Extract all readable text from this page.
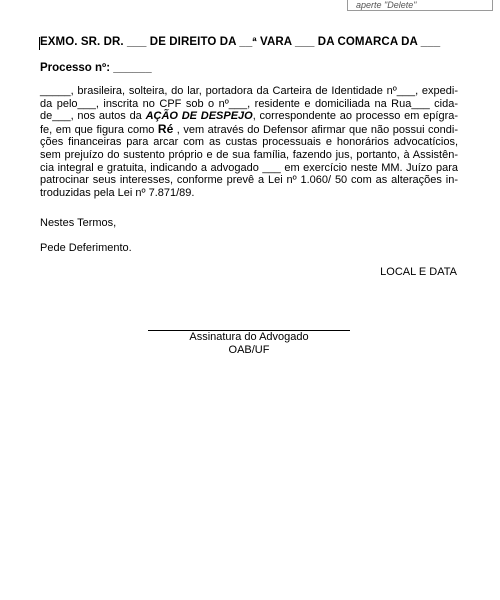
aperte "Delete"
EXMO. SR. DR. ___ DE DIREITO DA __ª VARA ___ DA COMARCA DA ___
Processo nº: ______
_____, brasileira, solteira, do lar, portadora da Carteira de Identidade nº___, expedi-
da pelo___, inscrita no CPF sob o nº___, residente e domiciliada na Rua___ cida-
de___, nos autos da AÇÃO DE DESPEJO, correspondente ao processo em epígra-
fe, em que figura como Ré , vem através do Defensor afirmar que não possui condi-
ções financeiras para arcar com as custas processuais e honorários advocatícios,
sem prejuízo do sustento próprio e de sua família, fazendo jus, portanto, à Assistên-
cia integral e gratuita, indicando a advogado ___ em exercício neste MM. Juízo para
patrocinar seus interesses, conforme prevê a Lei nº 1.060/ 50 com as alterações in-
troduzidas pela Lei nº 7.871/89.
Nestes Termos,
Pede Deferimento.
LOCAL E DATA
Assinatura do Advogado
OAB/UF
